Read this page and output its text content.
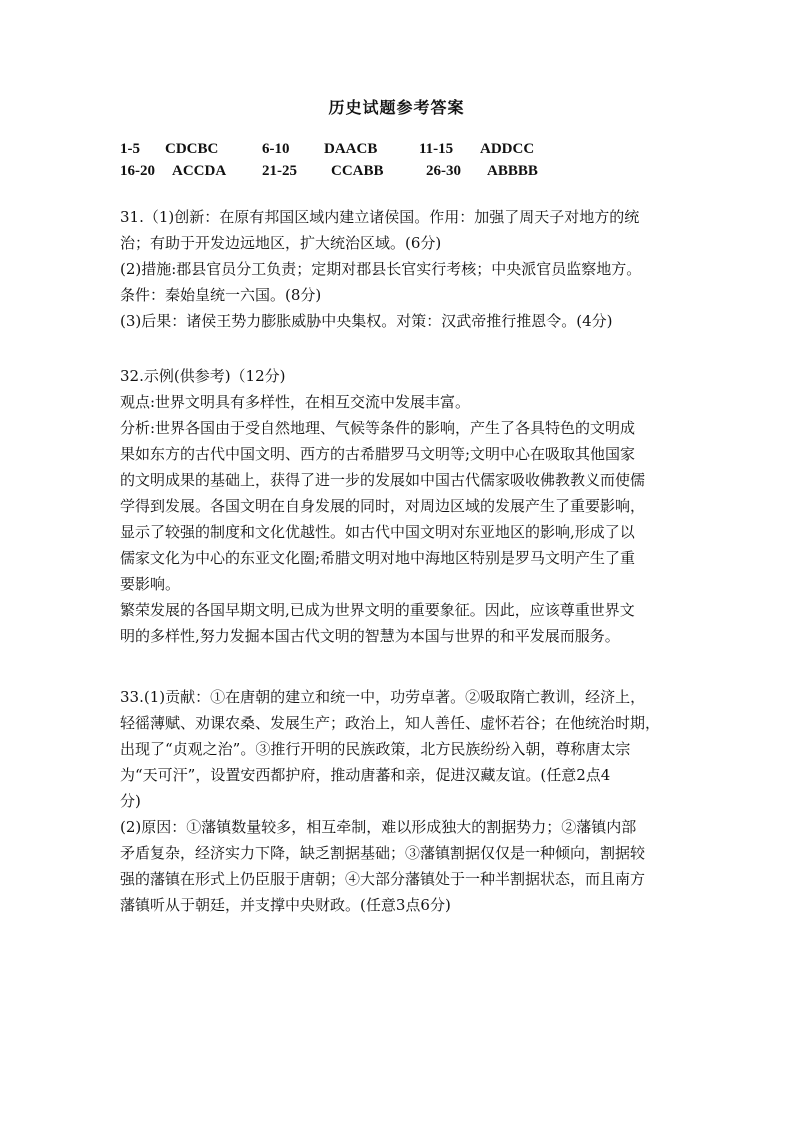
历史试题参考答案
1-5 CDCBC	6-10 DAACB	11-15 ADDCC
16-20 ACCDA 21-25 CCABB	26-30 ABBBB

31.（1)创新：在原有邦国区域内建立诸侯国。作用：加强了周天子对地方的统

治；有助于开发边远地区，扩大统治区域。(6分)

(2)措施:郡县官员分工负责；定期对郡县长官实行考核；中央派官员监察地方。

条件：秦始皇统一六国。(8分)

(3)后果：诸侯王势力膨胀威胁中央集权。对策：汉武帝推行推恩令。(4分)

32.示例(供参考)（12分)

观点:世界文明具有多样性，在相互交流中发展丰富。

分析:世界各国由于受自然地理、气候等条件的影响，产生了各具特色的文明成

果如东方的古代中国文明、西方的古希腊罗马文明等;文明中心在吸取其他国家

的文明成果的基础上，获得了进一步的发展如中国古代儒家吸收佛教教义而使儒

学得到发展。各国文明在自身发展的同时，对周边区域的发展产生了重要影响，

显示了较强的制度和文化优越性。如古代中国文明对东亚地区的影响,形成了以

儒家文化为中心的东亚文化圈;希腊文明对地中海地区特别是罗马文明产生了重

要影响。

繁荣发展的各国早期文明,已成为世界文明的重要象征。因此，应该尊重世界文

明的多样性,努力发掘本国古代文明的智慧为本国与世界的和平发展而服务。

33.(1)贡献：①在唐朝的建立和统一中，功劳卓著。②吸取隋亡教训，经济上，

轻徭薄赋、劝课农桑、发展生产；政治上，知人善任、虚怀若谷；在他统治时期，

出现了“贞观之治”。③推行开明的民族政策，北方民族纷纷入朝，尊称唐太宗

为“天可汗”，设置安西都护府，推动唐蕃和亲，促进汉藏友谊。(任意2点4

分)

(2)原因：①藩镇数量较多，相互牵制，难以形成独大的割据势力；②藩镇内部

矛盾复杂，经济实力下降，缺乏割据基础；③藩镇割据仅仅是一种倾向，割据较

强的藩镇在形式上仍臣服于唐朝；④大部分藩镇处于一种半割据状态，而且南方

藩镇听从于朝廷，并支撑中央财政。(任意3点6分)
